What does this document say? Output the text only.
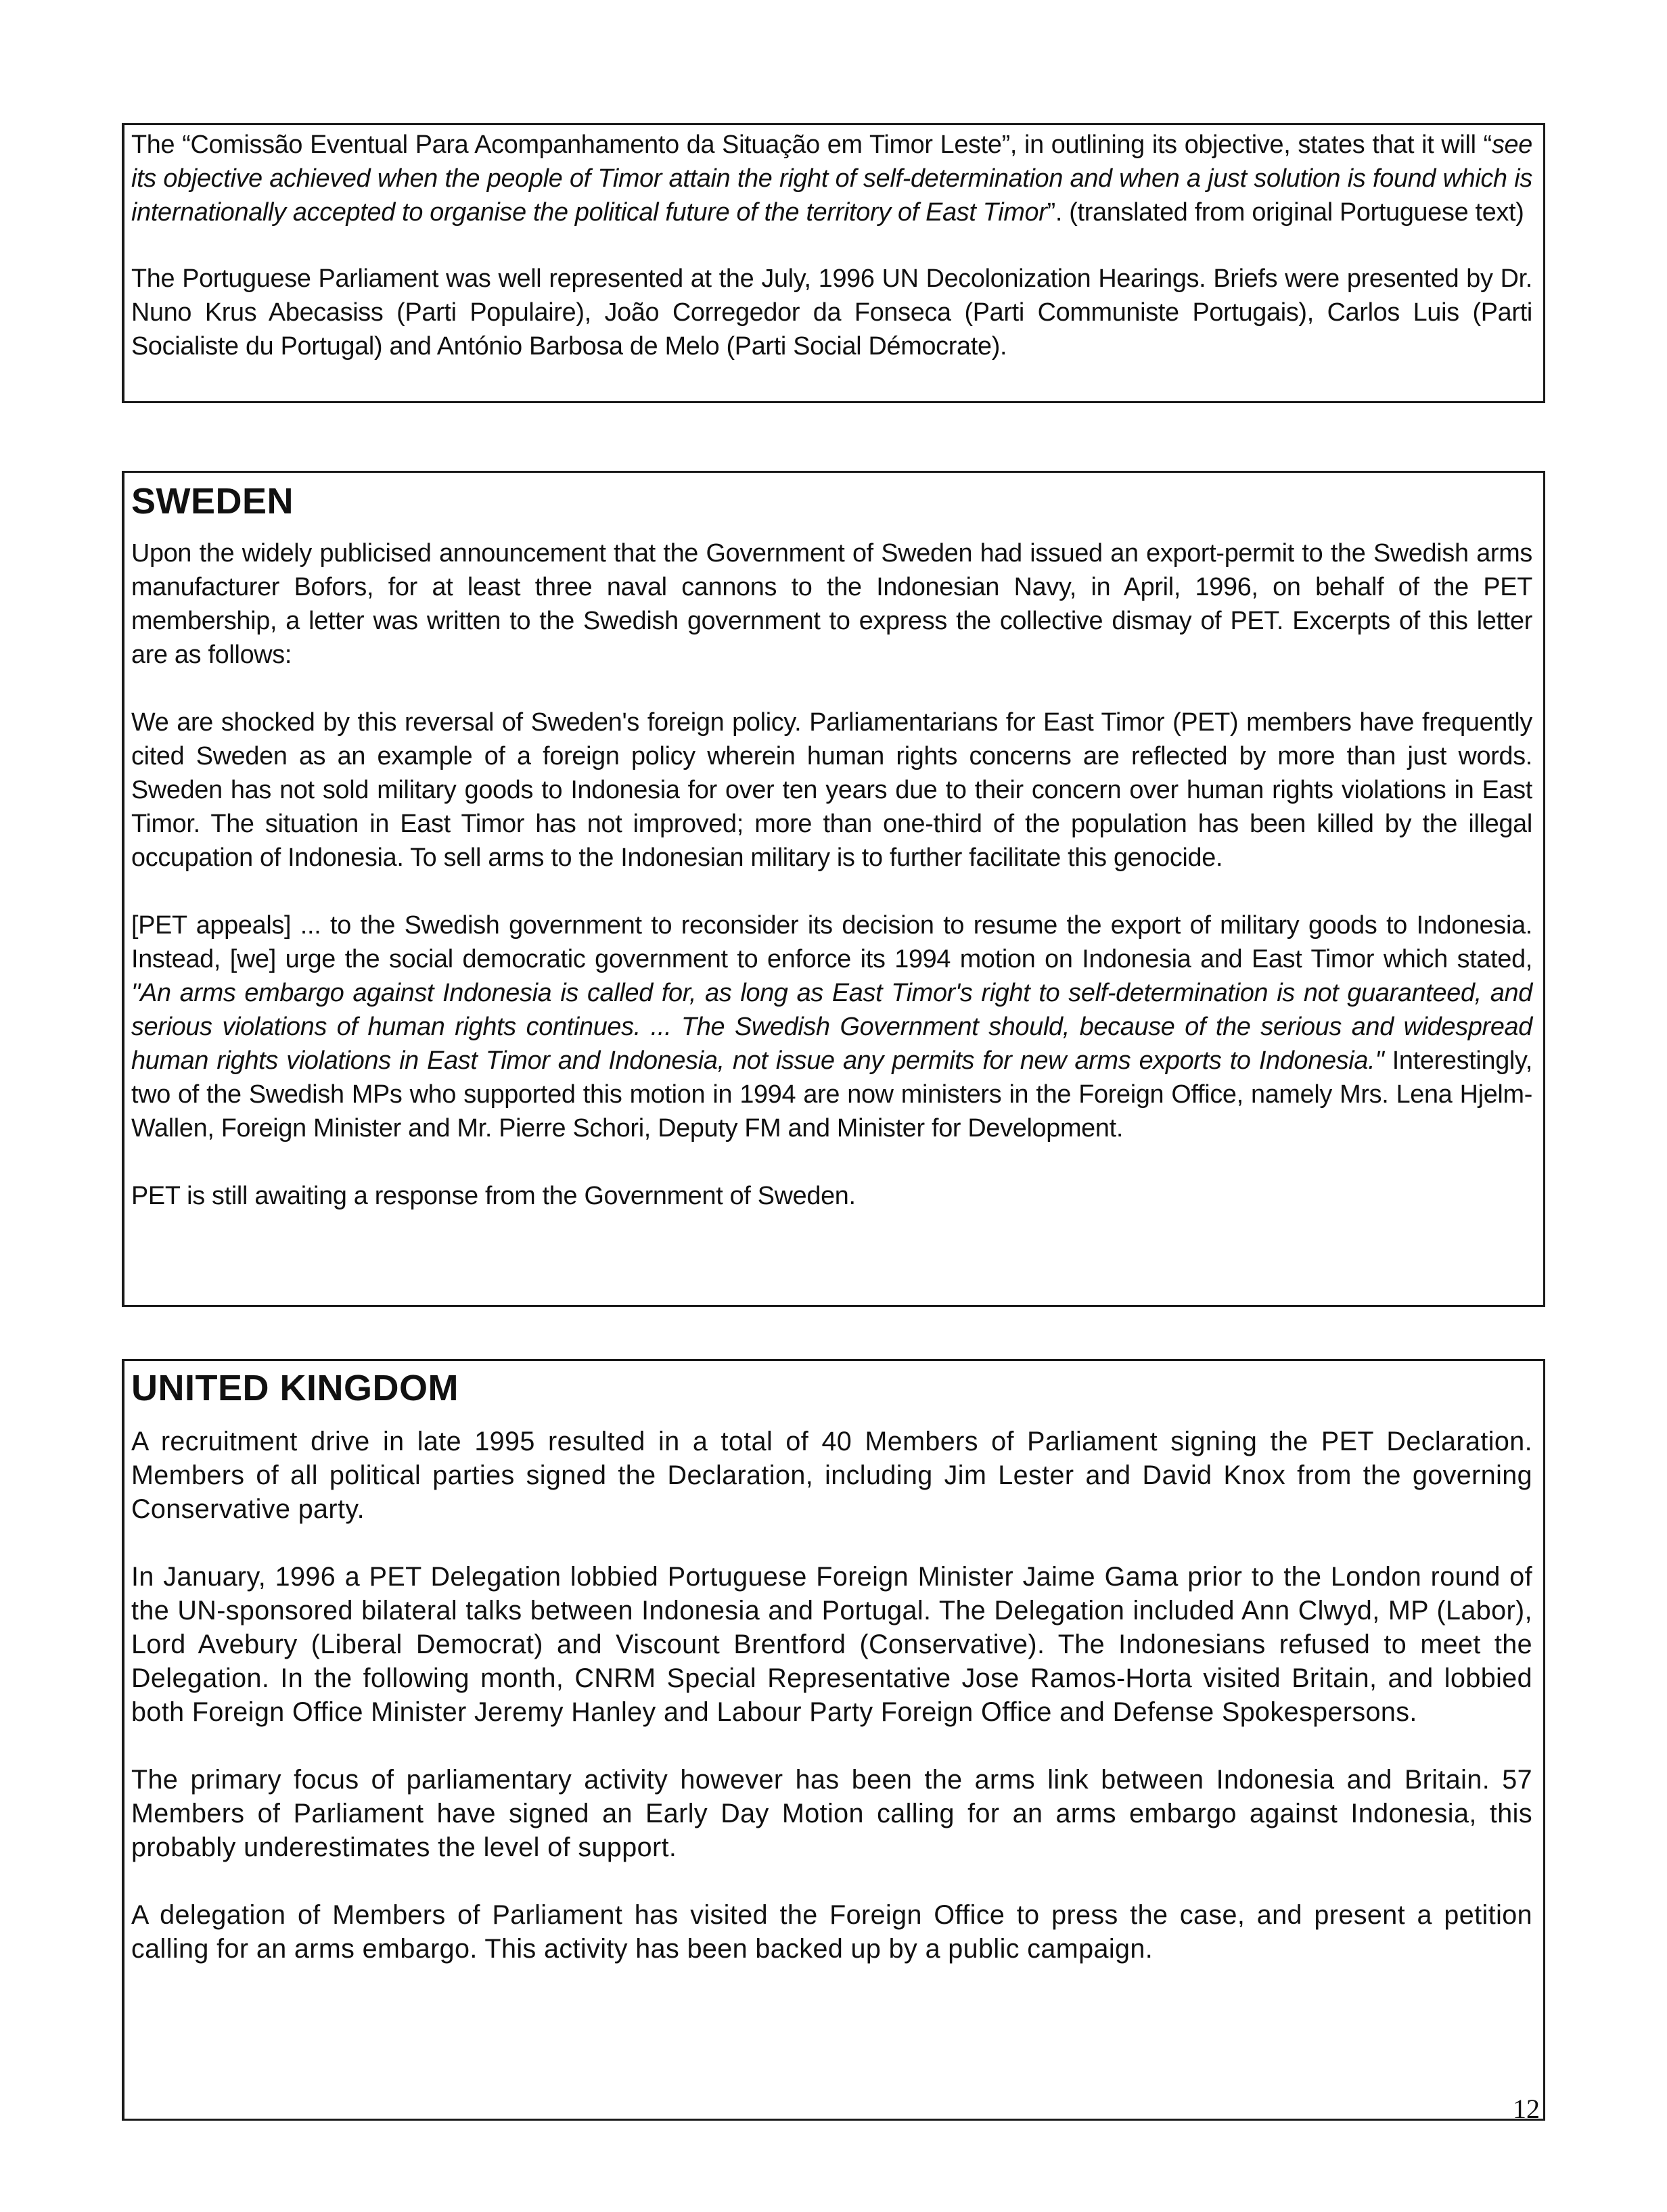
The “Comissão Eventual Para Acompanhamento da Situação em Timor Leste”, in outlining its objective, states that it will “see its objective achieved when the people of Timor attain the right of self-determination and when a just solution is found which is internationally accepted to organise the political future of the territory of East Timor”. (translated from original Portuguese text)

The Portuguese Parliament was well represented at the July, 1996 UN Decolonization Hearings. Briefs were presented by Dr. Nuno Krus Abecasiss (Parti Populaire), João Corregedor da Fonseca (Parti Communiste Portugais), Carlos Luis (Parti Socialiste du Portugal) and António Barbosa de Melo (Parti Social Démocrate).

SWEDEN

Upon the widely publicised announcement that the Government of Sweden had issued an export-permit to the Swedish arms manufacturer Bofors, for at least three naval cannons to the Indonesian Navy, in April, 1996, on behalf of the PET membership, a letter was written to the Swedish government to express the collective dismay of PET. Excerpts of this letter are as follows:

We are shocked by this reversal of Sweden's foreign policy. Parliamentarians for East Timor (PET) members have frequently cited Sweden as an example of a foreign policy wherein human rights concerns are reflected by more than just words. Sweden has not sold military goods to Indonesia for over ten years due to their concern over human rights violations in East Timor. The situation in East Timor has not improved; more than one-third of the population has been killed by the illegal occupation of Indonesia. To sell arms to the Indonesian military is to further facilitate this genocide.

[PET appeals] ... to the Swedish government to reconsider its decision to resume the export of military goods to Indonesia. Instead, [we] urge the social democratic government to enforce its 1994 motion on Indonesia and East Timor which stated, "An arms embargo against Indonesia is called for, as long as East Timor's right to self-determination is not guaranteed, and serious violations of human rights continues. ... The Swedish Government should, because of the serious and widespread human rights violations in East Timor and Indonesia, not issue any permits for new arms exports to Indonesia." Interestingly, two of the Swedish MPs who supported this motion in 1994 are now ministers in the Foreign Office, namely Mrs. Lena Hjelm-Wallen, Foreign Minister and Mr. Pierre Schori, Deputy FM and Minister for Development.

PET is still awaiting a response from the Government of Sweden.

UNITED KINGDOM

A recruitment drive in late 1995 resulted in a total of 40 Members of Parliament signing the PET Declaration. Members of all political parties signed the Declaration, including Jim Lester and David Knox from the governing Conservative party.

In January, 1996 a PET Delegation lobbied Portuguese Foreign Minister Jaime Gama prior to the London round of the UN-sponsored bilateral talks between Indonesia and Portugal. The Delegation included Ann Clwyd, MP (Labor), Lord Avebury (Liberal Democrat) and Viscount Brentford (Conservative). The Indonesians refused to meet the Delegation. In the following month, CNRM Special Representative Jose Ramos-Horta visited Britain, and lobbied both Foreign Office Minister Jeremy Hanley and Labour Party Foreign Office and Defense Spokespersons.

The primary focus of parliamentary activity however has been the arms link between Indonesia and Britain. 57 Members of Parliament have signed an Early Day Motion calling for an arms embargo against Indonesia, this probably underestimates the level of support.

A delegation of Members of Parliament has visited the Foreign Office to press the case, and present a petition calling for an arms embargo. This activity has been backed up by a public campaign.

12
